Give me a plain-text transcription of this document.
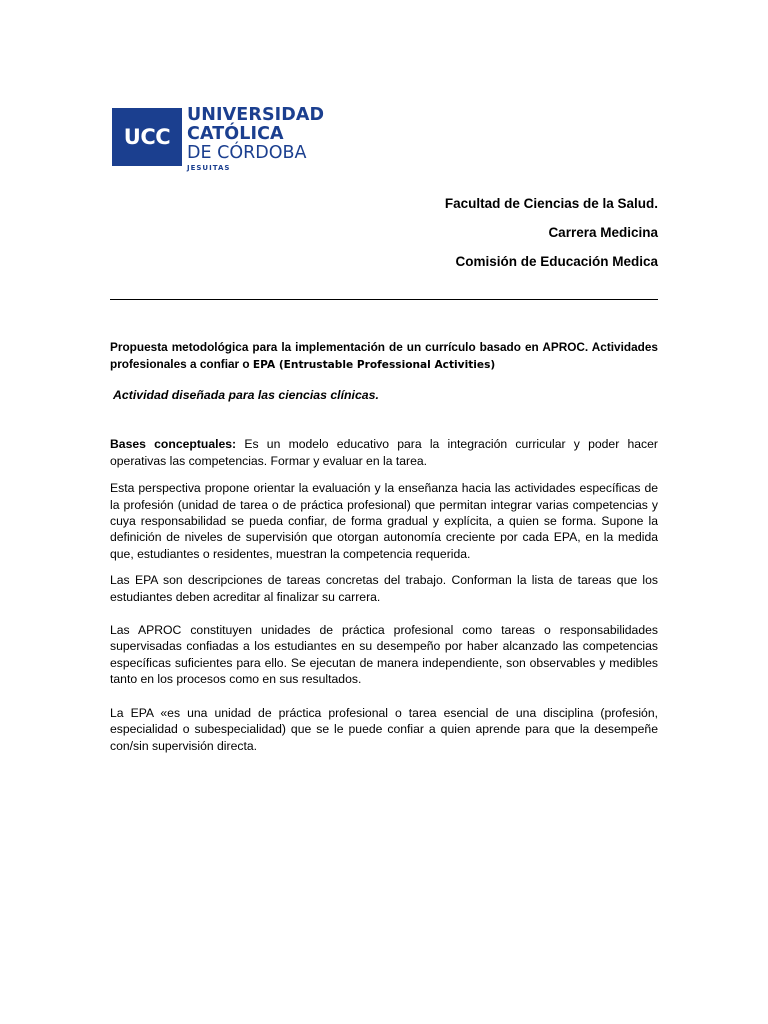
UCC
UNIVERSIDAD
CATÓLICA
DE CÓRDOBA
JESUITAS
Facultad de Ciencias de la Salud.
Carrera Medicina
Comisión de Educación Medica

Propuesta metodológica para la implementación de un currículo basado en APROC. Actividades profesionales a confiar o EPA (Entrustable Professional Activities)

Actividad diseñada para las ciencias clínicas.

Bases conceptuales: Es un modelo educativo para la integración curricular y poder hacer operativas las competencias. Formar y evaluar en la tarea.

Esta perspectiva propone orientar la evaluación y la enseñanza hacia las actividades específicas de la profesión (unidad de tarea o de práctica profesional) que permitan integrar varias competencias y cuya responsabilidad se pueda confiar, de forma gradual y explícita, a quien se forma. Supone la definición de niveles de supervisión que otorgan autonomía creciente por cada EPA, en la medida que, estudiantes o residentes, muestran la competencia requerida.

Las EPA son descripciones de tareas concretas del trabajo. Conforman la lista de tareas que los estudiantes deben acreditar al finalizar su carrera.

Las APROC constituyen unidades de práctica profesional como tareas o responsabilidades supervisadas confiadas a los estudiantes en su desempeño por haber alcanzado las competencias específicas suficientes para ello. Se ejecutan de manera independiente, son observables y medibles tanto en los procesos como en sus resultados.

La EPA «es una unidad de práctica profesional o tarea esencial de una disciplina (profesión, especialidad o subespecialidad) que se le puede confiar a quien aprende para que la desempeñe con/sin supervisión directa.
